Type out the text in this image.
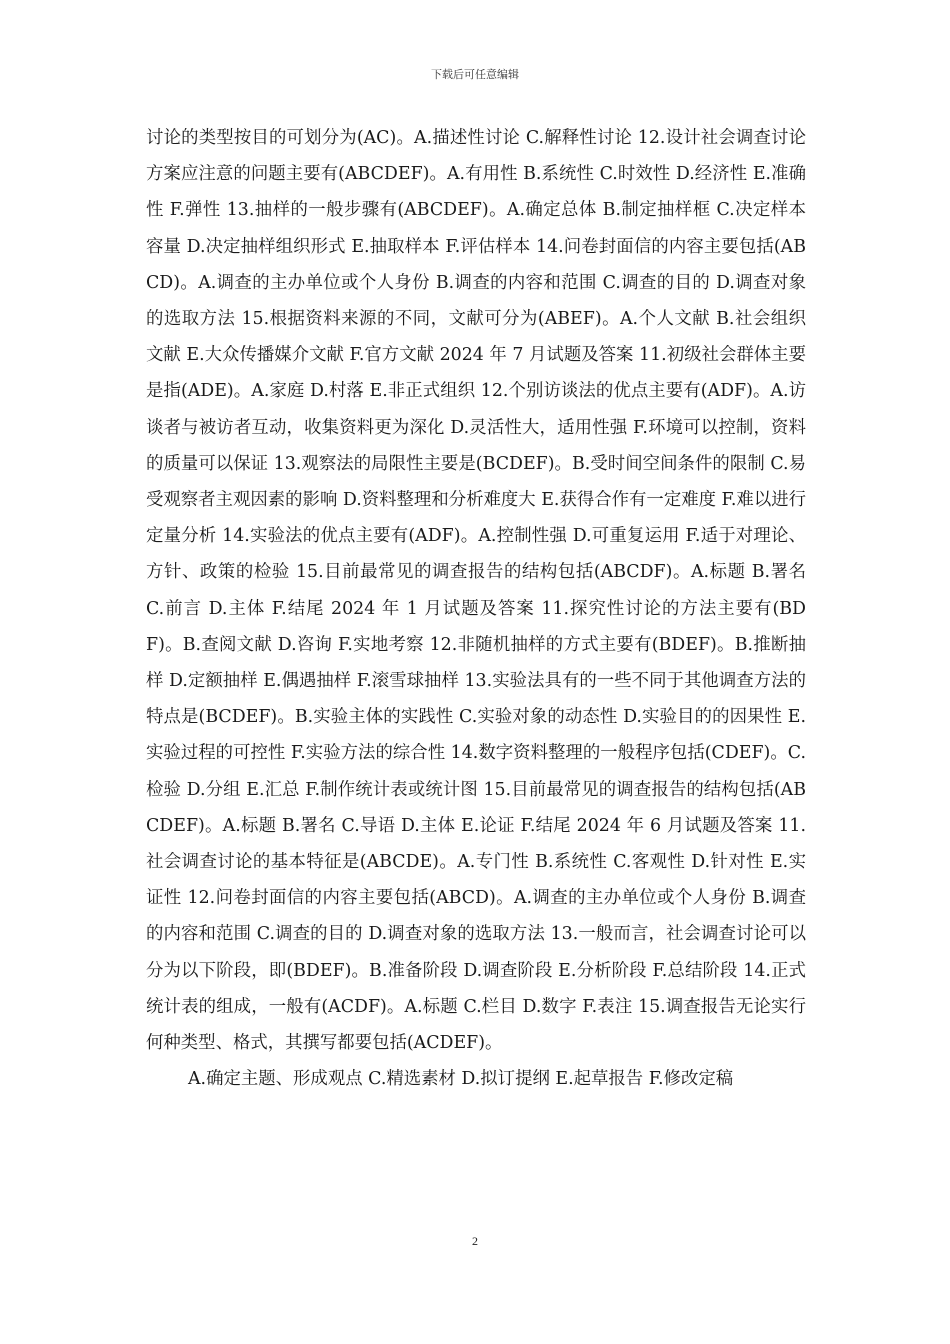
下载后可任意编辑

讨论的类型按目的可划分为(AC)。A.描述性讨论 C.解释性讨论 12.设计社会调查讨论方案应注意的问题主要有(ABCDEF)。A.有用性 B.系统性 C.时效性 D.经济性 E.准确性 F.弹性 13.抽样的一般步骤有(ABCDEF)。A.确定总体 B.制定抽样框 C.决定样本容量 D.决定抽样组织形式 E.抽取样本 F.评估样本 14.问卷封面信的内容主要包括(ABCD)。A.调查的主办单位或个人身份 B.调查的内容和范围 C.调查的目的 D.调查对象的选取方法 15.根据资料来源的不同，文献可分为(ABEF)。A.个人文献 B.社会组织文献 E.大众传播媒介文献 F.官方文献 2024 年 7 月试题及答案 11.初级社会群体主要是指(ADE)。A.家庭 D.村落 E.非正式组织 12.个别访谈法的优点主要有(ADF)。A.访谈者与被访者互动，收集资料更为深化 D.灵活性大，适用性强 F.环境可以控制，资料的质量可以保证 13.观察法的局限性主要是(BCDEF)。B.受时间空间条件的限制 C.易受观察者主观因素的影响 D.资料整理和分析难度大 E.获得合作有一定难度 F.难以进行定量分析 14.实验法的优点主要有(ADF)。A.控制性强 D.可重复运用 F.适于对理论、方针、政策的检验 15.目前最常见的调查报告的结构包括(ABCDF)。A.标题 B.署名 C.前言 D.主体 F.结尾 2024 年 1 月试题及答案 11.探究性讨论的方法主要有(BDF)。B.查阅文献 D.咨询 F.实地考察 12.非随机抽样的方式主要有(BDEF)。B.推断抽样 D.定额抽样 E.偶遇抽样 F.滚雪球抽样 13.实验法具有的一些不同于其他调查方法的特点是(BCDEF)。B.实验主体的实践性 C.实验对象的动态性 D.实验目的的因果性 E.实验过程的可控性 F.实验方法的综合性 14.数字资料整理的一般程序包括(CDEF)。C.检验 D.分组 E.汇总 F.制作统计表或统计图 15.目前最常见的调查报告的结构包括(ABCDEF)。A.标题 B.署名 C.导语 D.主体 E.论证 F.结尾 2024 年 6 月试题及答案 11.社会调查讨论的基本特征是(ABCDE)。A.专门性 B.系统性 C.客观性 D.针对性 E.实证性 12.问卷封面信的内容主要包括(ABCD)。A.调查的主办单位或个人身份 B.调查的内容和范围 C.调查的目的 D.调查对象的选取方法 13.一般而言，社会调查讨论可以分为以下阶段，即(BDEF)。B.准备阶段 D.调查阶段 E.分析阶段 F.总结阶段 14.正式统计表的组成，一般有(ACDF)。A.标题 C.栏目 D.数字 F.表注 15.调查报告无论实行何种类型、格式，其撰写都要包括(ACDEF)。

A.确定主题、形成观点 C.精选素材 D.拟订提纲 E.起草报告 F.修改定稿

2
